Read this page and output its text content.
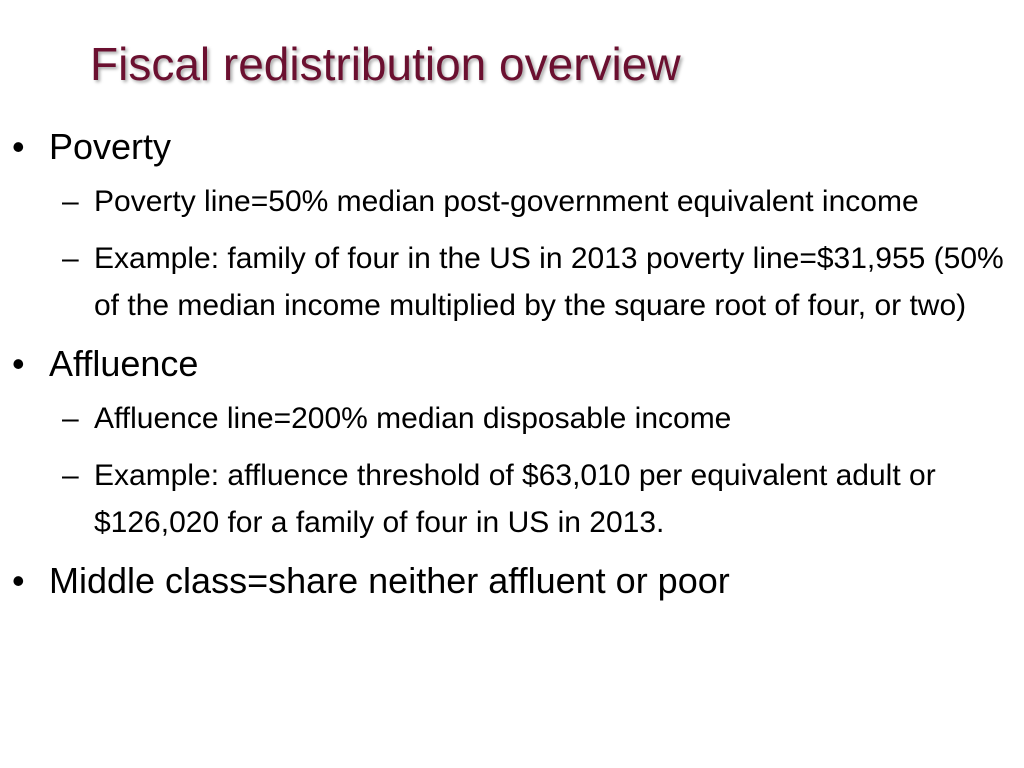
Fiscal redistribution overview
• Poverty
– Poverty line=50% median post-government equivalent income
– Example: family of four in the US in 2013 poverty line=$31,955 (50% of the median income multiplied by the square root of four, or two)
• Affluence
– Affluence line=200% median disposable income
– Example: affluence threshold of $63,010 per equivalent adult or $126,020 for a family of four in US in 2013.
• Middle class=share neither affluent or poor
